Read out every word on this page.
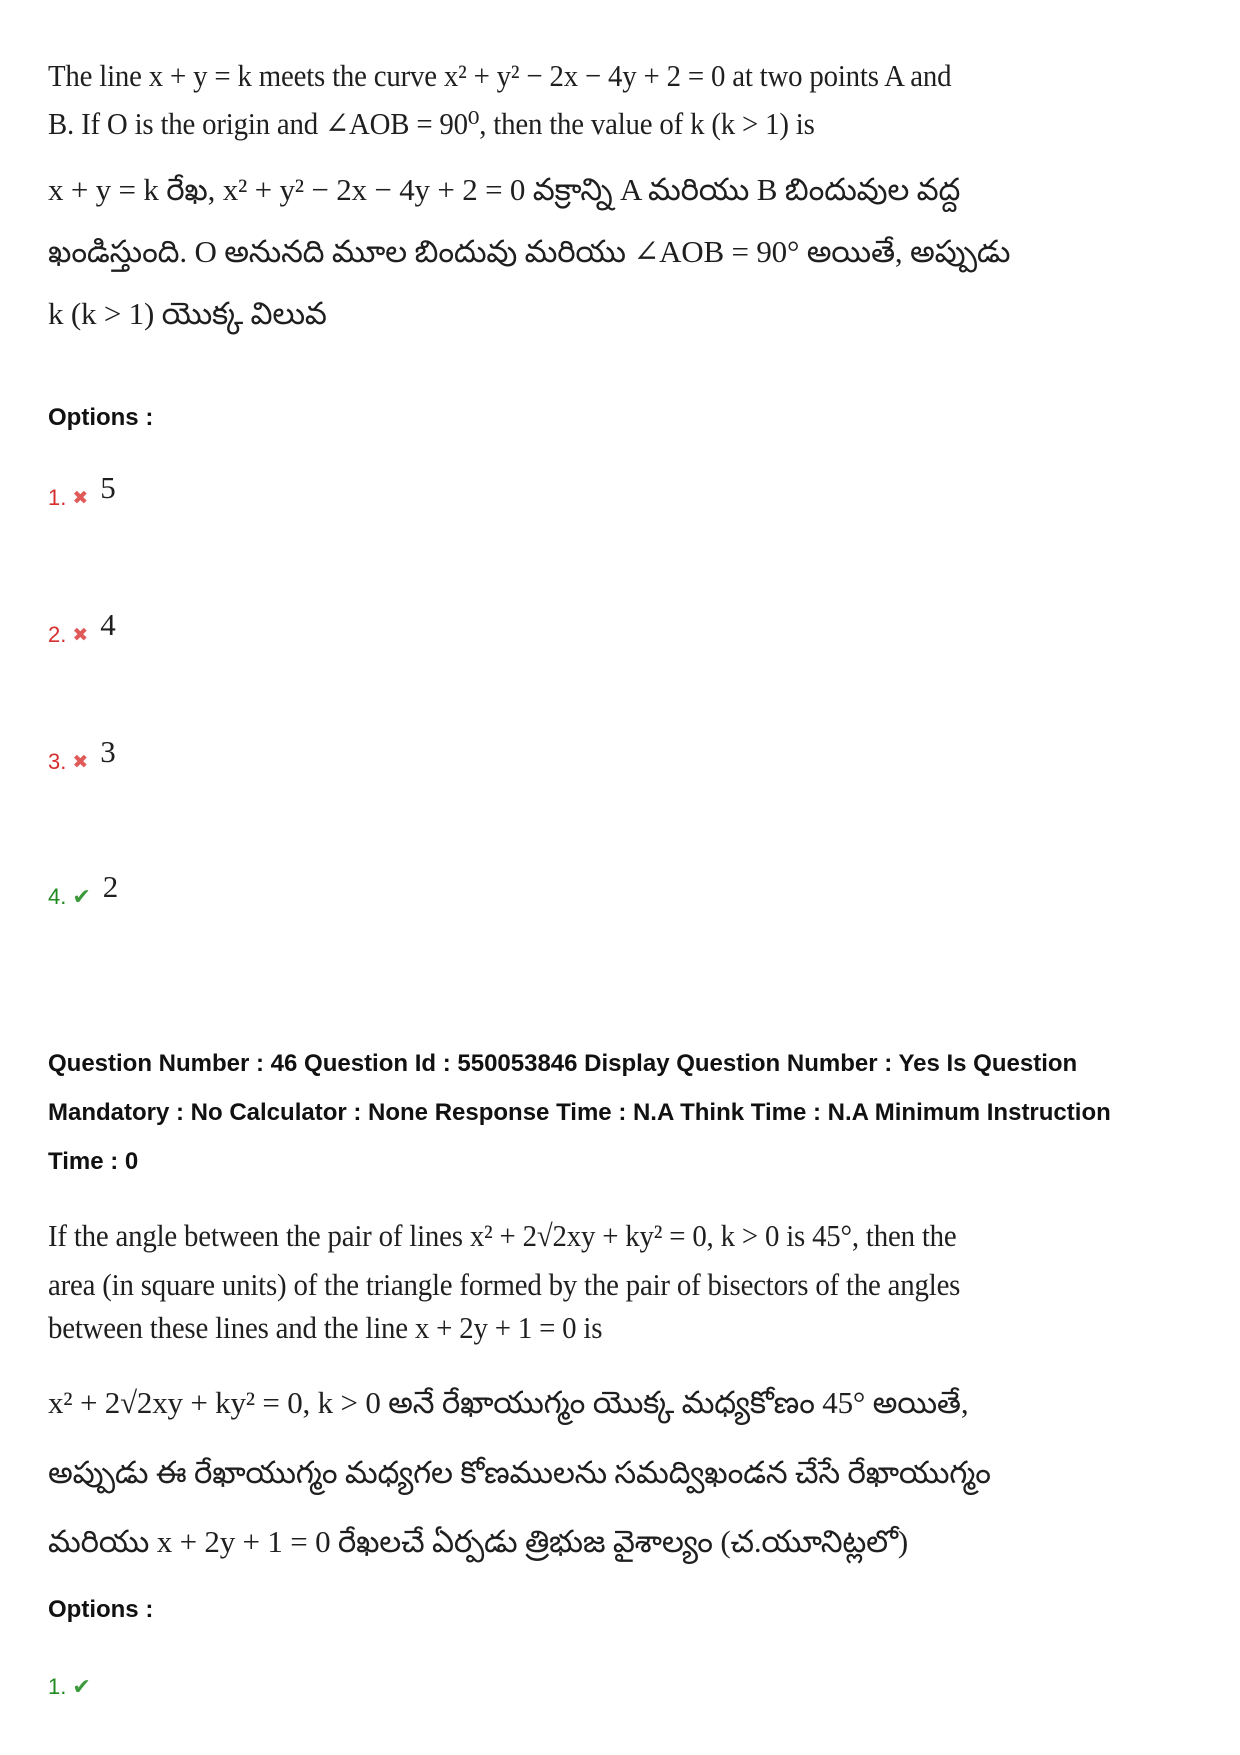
The line x + y = k meets the curve x² + y² − 2x − 4y + 2 = 0 at two points A and
B. If O is the origin and ∠AOB = 90⁰, then the value of k (k > 1) is
x + y = k రేఖ, x² + y² − 2x − 4y + 2 = 0 వక్రాన్ని A మరియు B బిందువుల వద్ద
ఖండిస్తుంది. O అనునది మూల బిందువు మరియు ∠AOB = 90° అయితే, అప్పుడు
k (k > 1) యొక్క విలువ
Options :
1. ✖ 5
2. ✖ 4
3. ✖ 3
4. ✔ 2
Question Number : 46 Question Id : 550053846 Display Question Number : Yes Is Question
Mandatory : No Calculator : None Response Time : N.A Think Time : N.A Minimum Instruction
Time : 0
If the angle between the pair of lines x² + 2√2xy + ky² = 0, k > 0 is 45°, then the
area (in square units) of the triangle formed by the pair of bisectors of the angles
between these lines and the line x + 2y + 1 = 0 is
x² + 2√2xy + ky² = 0, k > 0 అనే రేఖాయుగ్మం యొక్క మధ్యకోణం 45° అయితే,
అప్పుడు ఈ రేఖాయుగ్మం మధ్యగల కోణములను సమద్విఖండన చేసే రేఖాయుగ్మం
మరియు x + 2y + 1 = 0 రేఖలచే ఏర్పడు త్రిభుజ వైశాల్యం (చ.యూనిట్లలో)
Options :
1. ✔
